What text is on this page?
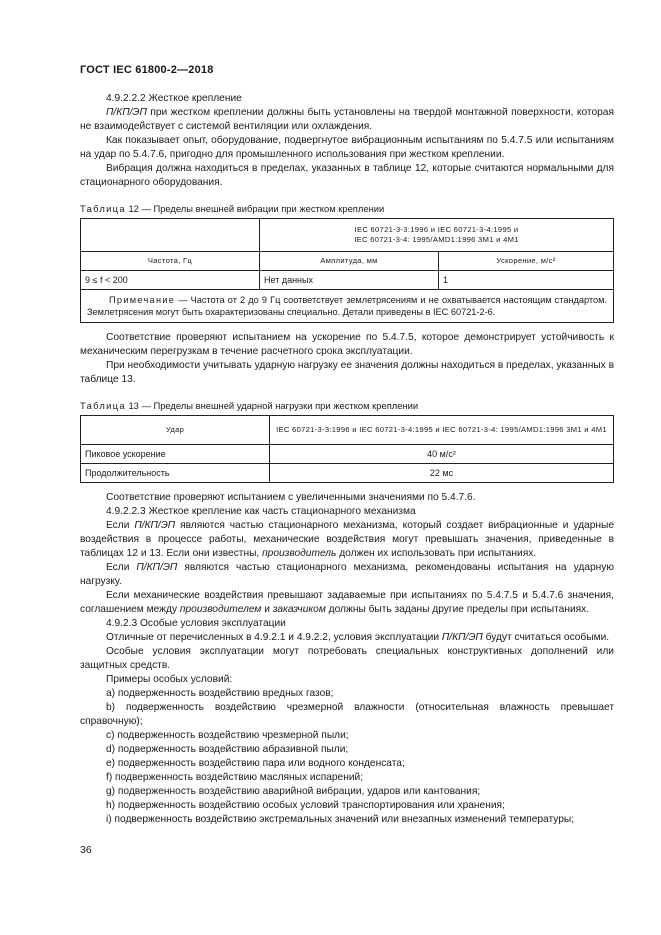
ГОСТ IEC 61800-2—2018

4.9.2.2.2 Жесткое крепление

П/КП/ЭП при жестком креплении должны быть установлены на твердой монтажной поверхности, которая не взаимодействует с системой вентиляции или охлаждения.

Как показывает опыт, оборудование, подвергнутое вибрационным испытаниям по 5.4.7.5 или испытаниям на удар по 5.4.7.6, пригодно для промышленного использования при жестком креплении.

Вибрация должна находиться в пределах, указанных в таблице 12, которые считаются нормальными для стационарного оборудования.

Таблица 12 — Пределы внешней вибрации при жестком креплении

	IEC 60721-3-3:1996 и IEC 60721-3-4:1995 и
IEC 60721-3-4: 1995/AMD1:1996 3M1 и 4M1	

Частота, Гц	Амплитуда, мм	Ускорение, м/с²
9 ≤ f < 200	Нет данных	1
Примечание — Частота от 2 до 9 Гц соответствует землетрясениям и не охватывается настоящим стандартом. Землетрясения могут быть охарактеризованы специально. Детали приведены в IEC 60721-2-6.		

Соответствие проверяют испытанием на ускорение по 5.4.7.5, которое демонстрирует устойчивость к механическим перегрузкам в течение расчетного срока эксплуатации.

При необходимости учитывать ударную нагрузку ее значения должны находиться в пределах, указанных в таблице 13.

Таблица 13 — Пределы внешней ударной нагрузки при жестком креплении
Удар	IEC 60721-3-3:1996 и IEC 60721-3-4:1995 и IEC 60721-3-4: 1995/AMD1:1996 3M1 и 4M1
Пиковое ускорение	40 м/с²
Продолжительность	22 мс

Соответствие проверяют испытанием с увеличенными значениями по 5.4.7.6.

4.9.2.2.3 Жесткое крепление как часть стационарного механизма

Если П/КП/ЭП являются частью стационарного механизма, который создает вибрационные и ударные воздействия в процессе работы, механические воздействия могут превышать значения, приведенные в таблицах 12 и 13. Если они известны, производитель должен их использовать при испытаниях.

Если П/КП/ЭП являются частью стационарного механизма, рекомендованы испытания на ударную нагрузку.

Если механические воздействия превышают задаваемые при испытаниях по 5.4.7.5 и 5.4.7.6 значения, соглашением между производителем и заказчиком должны быть заданы другие пределы при испытаниях.

4.9.2.3 Особые условия эксплуатации

Отличные от перечисленных в 4.9.2.1 и 4.9.2.2, условия эксплуатации П/КП/ЭП будут считаться особыми.

Особые условия эксплуатации могут потребовать специальных конструктивных дополнений или защитных средств.

Примеры особых условий:

a) подверженность воздействию вредных газов;

b) подверженность воздействию чрезмерной влажности (относительная влажность превышает справочную);

c) подверженность воздействию чрезмерной пыли;

d) подверженность воздействию абразивной пыли;

e) подверженность воздействию пара или водного конденсата;

f) подверженность воздействию масляных испарений;

g) подверженность воздействию аварийной вибрации, ударов или кантования;

h) подверженность воздействию особых условий транспортирования или хранения;

i) подверженность воздействию экстремальных значений или внезапных изменений температуры;

36
